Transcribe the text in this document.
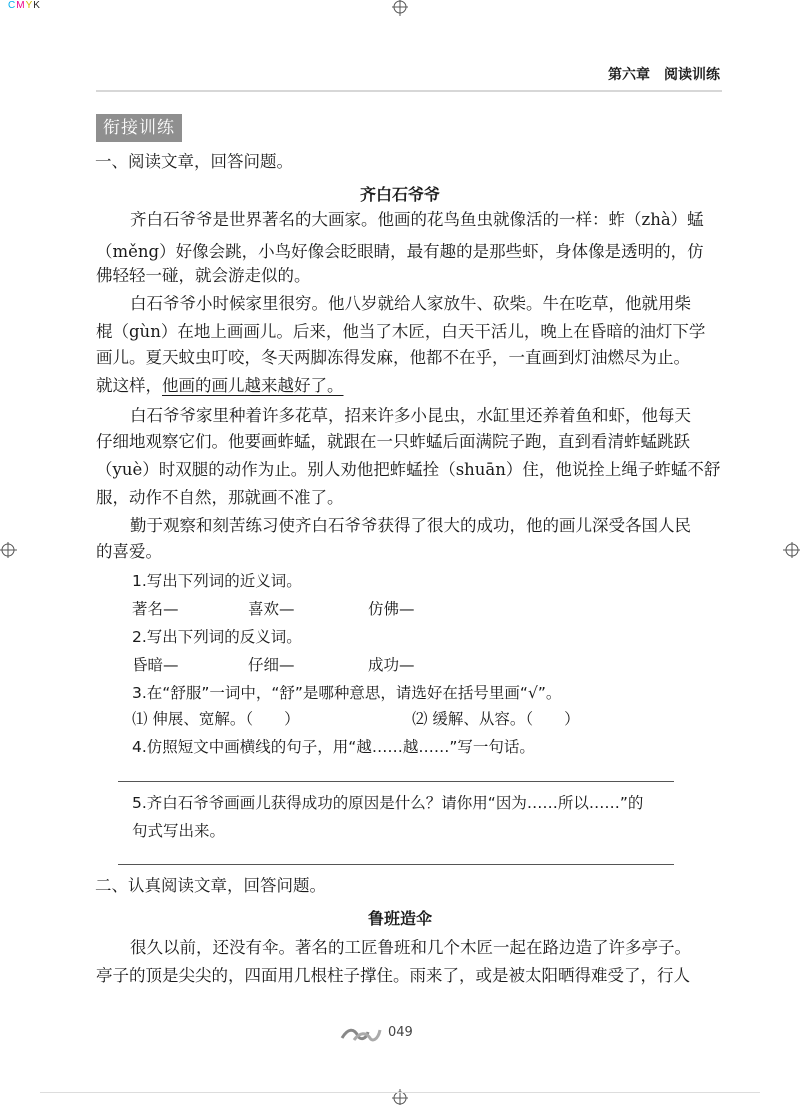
CMYK
第六章　阅读训练
衔接训练
一、阅读文章，回答问题。
齐白石爷爷
齐白石爷爷是世界著名的大画家。他画的花鸟鱼虫就像活的一样：蚱（zhà）蜢
（měng）好像会跳，小鸟好像会眨眼睛，最有趣的是那些虾，身体像是透明的，仿
佛轻轻一碰，就会游走似的。
白石爷爷小时候家里很穷。他八岁就给人家放牛、砍柴。牛在吃草，他就用柴
棍（gùn）在地上画画儿。后来，他当了木匠，白天干活儿，晚上在昏暗的油灯下学
画儿。夏天蚊虫叮咬，冬天两脚冻得发麻，他都不在乎，一直画到灯油燃尽为止。
就这样，他画的画儿越来越好了。
白石爷爷家里种着许多花草，招来许多小昆虫，水缸里还养着鱼和虾，他每天
仔细地观察它们。他要画蚱蜢，就跟在一只蚱蜢后面满院子跑，直到看清蚱蜢跳跃
（yuè）时双腿的动作为止。别人劝他把蚱蜢拴（shuān）住，他说拴上绳子蚱蜢不舒
服，动作不自然，那就画不准了。
勤于观察和刻苦练习使齐白石爷爷获得了很大的成功，他的画儿深受各国人民
的喜爱。
1.写出下列词的近义词。
著名—	喜欢—	仿佛—
2.写出下列词的反义词。
昏暗—	仔细—	成功—
3.在“舒服”一词中，“舒”是哪种意思，请选好在括号里画“√”。
⑴ 伸展、宽解。（　　）	⑵ 缓解、从容。（　　）
4.仿照短文中画横线的句子，用“越……越……”写一句话。
5.齐白石爷爷画画儿获得成功的原因是什么？请你用“因为……所以……”的
句式写出来。
二、认真阅读文章，回答问题。
鲁班造伞
很久以前，还没有伞。著名的工匠鲁班和几个木匠一起在路边造了许多亭子。
亭子的顶是尖尖的，四面用几根柱子撑住。雨来了，或是被太阳晒得难受了，行人
049
